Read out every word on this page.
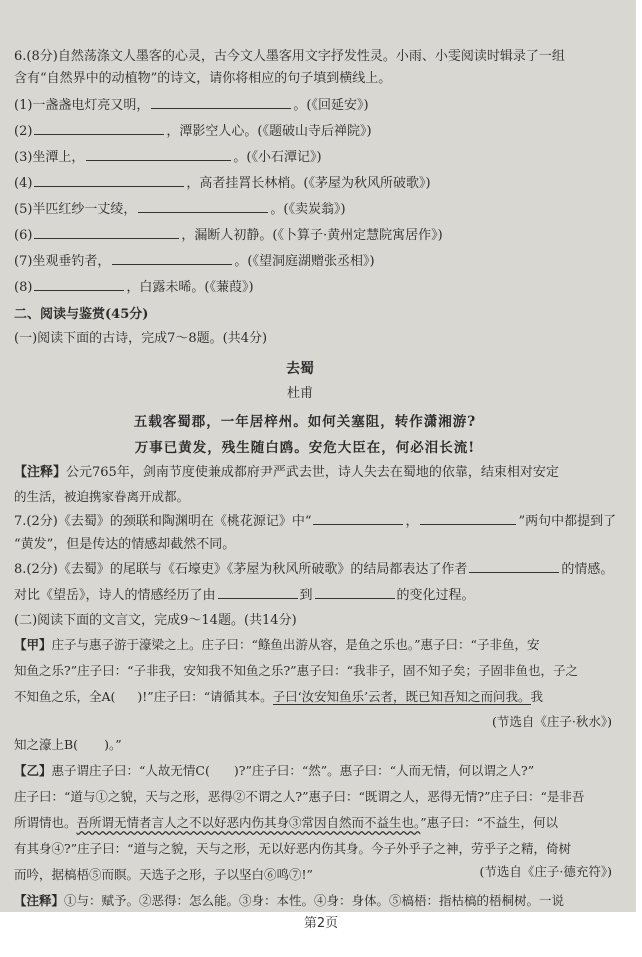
6.(8分)自然荡涤文人墨客的心灵，古今文人墨客用文字抒发性灵。小雨、小雯阅读时辑录了一组
含有“自然界中的动植物”的诗文，请你将相应的句子填到横线上。
(1)一盏盏电灯亮又明，	。(《回延安》)
(2)	，潭影空人心。(《题破山寺后禅院》)
(3)坐潭上，	。(《小石潭记》)
(4)	，高者挂罥长林梢。(《茅屋为秋风所破歌》)
(5)半匹红纱一丈绫，	。(《卖炭翁》)
(6)	，漏断人初静。(《卜算子·黄州定慧院寓居作》)
(7)坐观垂钓者，	。(《望洞庭湖赠张丞相》)
(8)	，白露未晞。(《蒹葭》)
二、阅读与鉴赏(45分)
(一)阅读下面的古诗，完成7～8题。(共4分)
去蜀
杜甫
五载客蜀郡，一年居梓州。如何关塞阻，转作潇湘游?
万事已黄发，残生随白鸥。安危大臣在，何必泪长流!
【注释】公元765年，剑南节度使兼成都府尹严武去世，诗人失去在蜀地的依靠，结束相对安定
的生活，被迫携家眷离开成都。
7.(2分)《去蜀》的颈联和陶渊明在《桃花源记》中“	，	”两句中都提到了
“黄发”，但是传达的情感却截然不同。
8.(2分)《去蜀》的尾联与《石壕吏》《茅屋为秋风所破歌》的结局都表达了作者	的情感。
对比《望岳》，诗人的情感经历了由	到	的变化过程。
(二)阅读下面的文言文，完成9～14题。(共14分)
【甲】庄子与惠子游于濠梁之上。庄子曰：“鲦鱼出游从容，是鱼之乐也。”惠子曰：“子非鱼，安
知鱼之乐?”庄子曰：“子非我，安知我不知鱼之乐?”惠子曰：“我非子，固不知子矣；子固非鱼也，子之
不知鱼之乐，全A( )!”庄子曰：“请循其本。子曰‘汝安知鱼乐’云者，既已知吾知之而问我。我
(节选自《庄子·秋水》)
知之濠上B( )。”
【乙】惠子谓庄子曰：“人故无情C( )?”庄子曰：“然”。惠子曰：“人而无情，何以谓之人?”
庄子曰：“道与①之貌，天与之形，恶得②不谓之人?”惠子曰：“既谓之人，恶得无情?”庄子曰：“是非吾
所谓情也。吾所谓无情者言人之不以好恶内伤其身③常因自然而不益生也。”惠子曰：“不益生，何以
有其身④?”庄子曰：“道与之貌，天与之形，无以好恶内伤其身。今子外乎子之神，劳乎子之精，倚树
(节选自《庄子·德充符》)
而吟，据槁梧⑤而瞑。天选子之形，子以坚白⑥鸣⑦!”
【注释】①与：赋予。②恶得：怎么能。③身：本性。④身：身体。⑤槁梧：指枯槁的梧桐树。一说
第2页
